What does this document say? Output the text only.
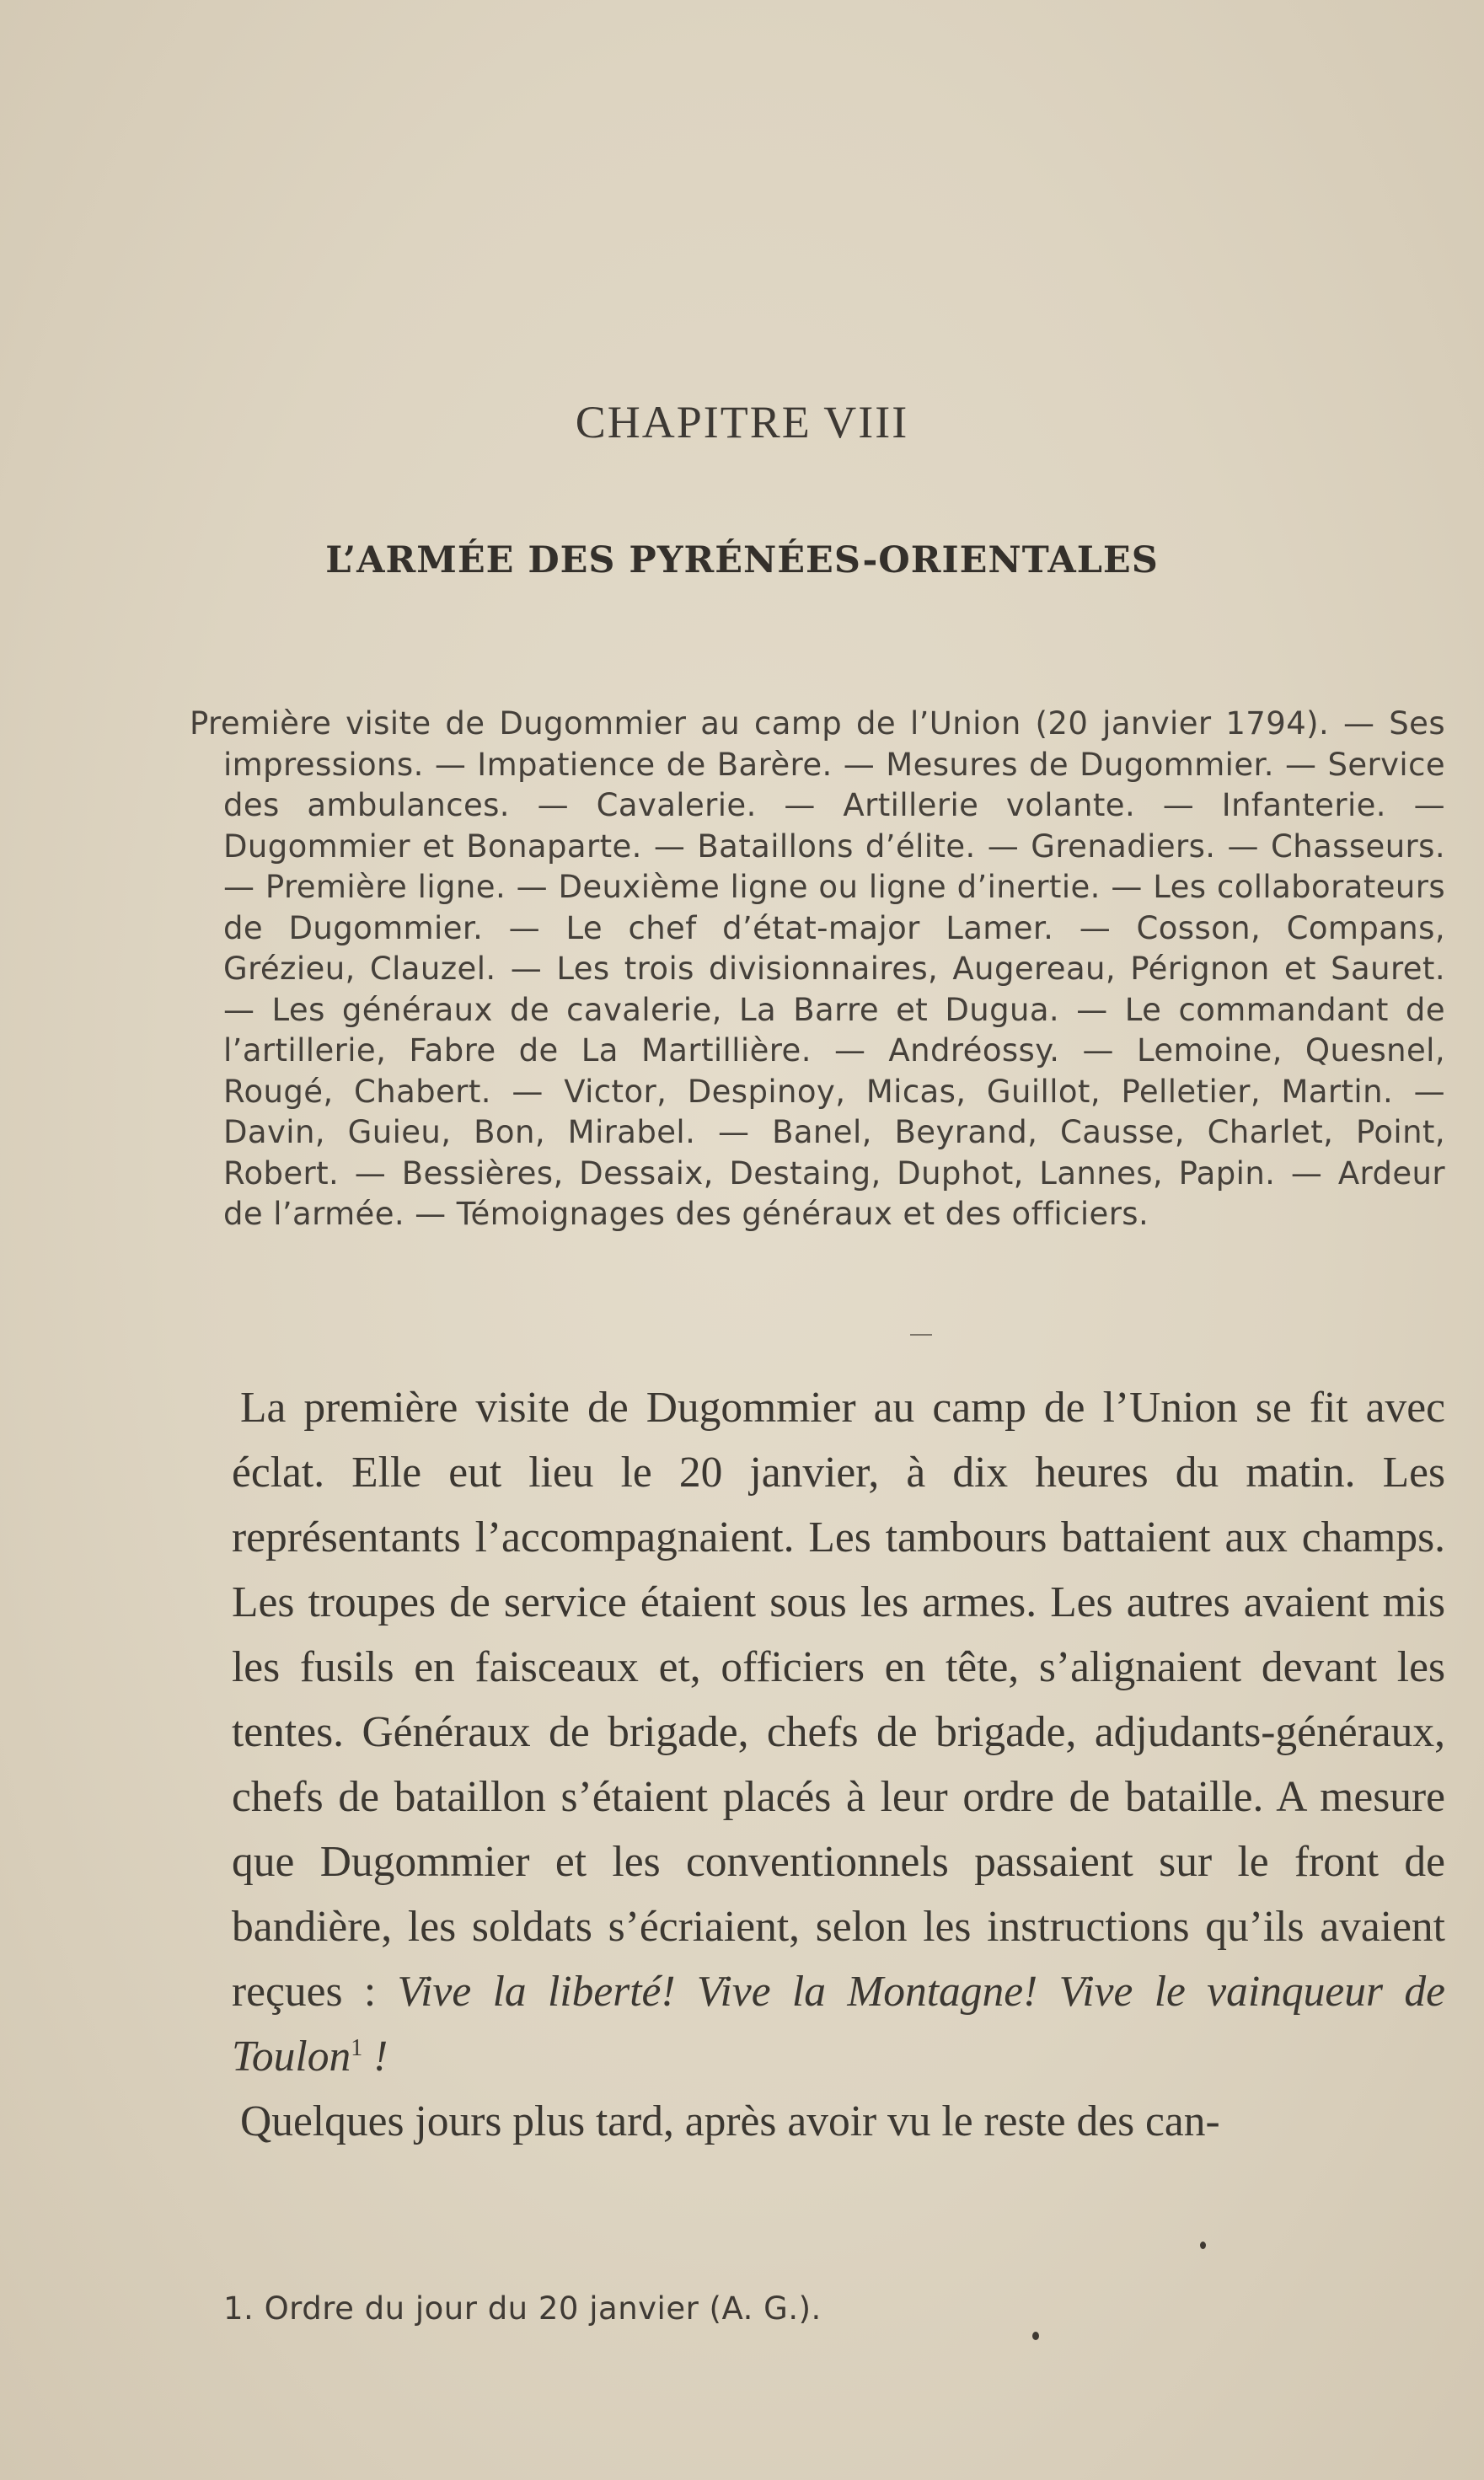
CHAPITRE VIII
L’ARMÉE DES PYRÉNÉES-ORIENTALES

Première visite de Dugommier au camp de l’Union (20 janvier 1794). — Ses impressions. — Impatience de Barère. — Mesures de Dugommier. — Service des ambulances. — Cavalerie. — Artillerie volante. — Infanterie. — Dugommier et Bonaparte. — Bataillons d’élite. — Grenadiers. — Chasseurs. — Première ligne. — Deuxième ligne ou ligne d’inertie. — Les collaborateurs de Dugommier. — Le chef d’état-major Lamer. — Cosson, Compans, Grézieu, Clauzel. — Les trois divisionnaires, Augereau, Pérignon et Sauret. — Les généraux de cavalerie, La Barre et Dugua. — Le commandant de l’artillerie, Fabre de La Martillière. — Andréossy. — Lemoine, Quesnel, Rougé, Chabert. — Victor, Despinoy, Micas, Guillot, Pelletier, Martin. — Davin, Guieu, Bon, Mirabel. — Banel, Beyrand, Causse, Charlet, Point, Robert. — Bessières, Dessaix, Destaing, Duphot, Lannes, Papin. — Ardeur de l’armée. — Témoignages des généraux et des officiers.

La première visite de Dugommier au camp de l’Union se fit avec éclat. Elle eut lieu le 20 janvier, à dix heures du matin. Les représentants l’accompagnaient. Les tambours battaient aux champs. Les troupes de service étaient sous les armes. Les autres avaient mis les fusils en faisceaux et, officiers en tête, s’alignaient devant les tentes. Généraux de brigade, chefs de brigade, adjudants-généraux, chefs de bataillon s’étaient placés à leur ordre de bataille. A mesure que Dugommier et les conventionnels passaient sur le front de bandière, les soldats s’écriaient, selon les instructions qu’ils avaient reçues : Vive la liberté! Vive la Montagne! Vive le vainqueur de Toulon$^1$ !

Quelques jours plus tard, après avoir vu le reste des can-

1. Ordre du jour du 20 janvier (A. G.).
